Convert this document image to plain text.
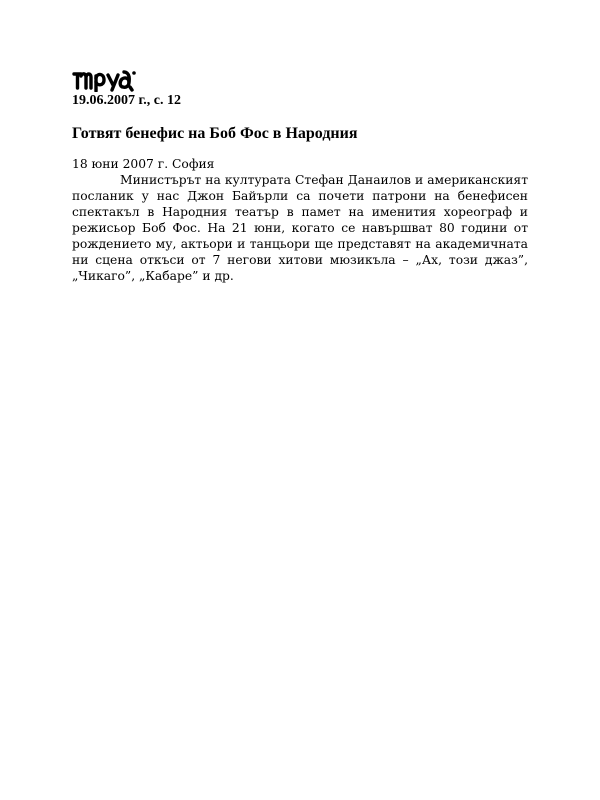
19.06.2007 г., с. 12
Готвят бенефис на Боб Фос в Народния
18 юни 2007 г. София

Министърът на културата Стефан Данаилов и американският посланик у нас Джон Байърли са почети патрони на бенефисен спектакъл в Народния театър в памет на именития хореограф и режисьор Боб Фос. На 21 юни, когато се навършват 80 години от рождението му, актьори и танцьори ще представят на академичната ни сцена откъси от 7 негови хитови мюзикъла – „Ах, този джаз”, „Чикаго”, „Кабаре” и др.
